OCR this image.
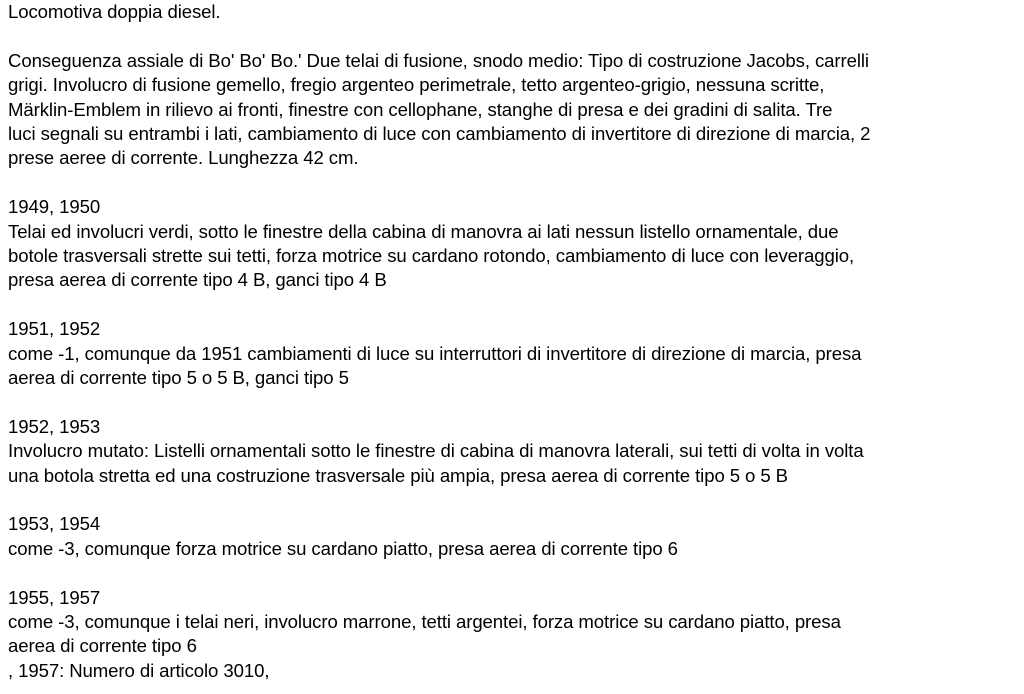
Locomotiva doppia diesel.

Conseguenza assiale di Bo' Bo' Bo.' Due telai di fusione, snodo medio: Tipo di costruzione Jacobs, carrelli
grigi. Involucro di fusione gemello, fregio argenteo perimetrale, tetto argenteo-grigio, nessuna scritte,
Märklin-Emblem in rilievo ai fronti, finestre con cellophane, stanghe di presa e dei gradini di salita. Tre
luci segnali su entrambi i lati, cambiamento di luce con cambiamento di invertitore di direzione di marcia, 2
prese aeree di corrente. Lunghezza 42 cm.
1949, 1950
Telai ed involucri verdi, sotto le finestre della cabina di manovra ai lati nessun listello ornamentale, due
botole trasversali strette sui tetti, forza motrice su cardano rotondo, cambiamento di luce con leveraggio,
presa aerea di corrente tipo 4 B, ganci tipo 4 B
1951, 1952
come -1, comunque da 1951 cambiamenti di luce su interruttori di invertitore di direzione di marcia, presa
aerea di corrente tipo 5 o 5 B, ganci tipo 5
1952, 1953
Involucro mutato: Listelli ornamentali sotto le finestre di cabina di manovra laterali, sui tetti di volta in volta
una botola stretta ed una costruzione trasversale più ampia, presa aerea di corrente tipo 5 o 5 B
1953, 1954
come -3, comunque forza motrice su cardano piatto, presa aerea di corrente tipo 6
1955, 1957
come -3, comunque i telai neri, involucro marrone, tetti argentei, forza motrice su cardano piatto, presa
aerea di corrente tipo 6
, 1957: Numero di articolo 3010,
